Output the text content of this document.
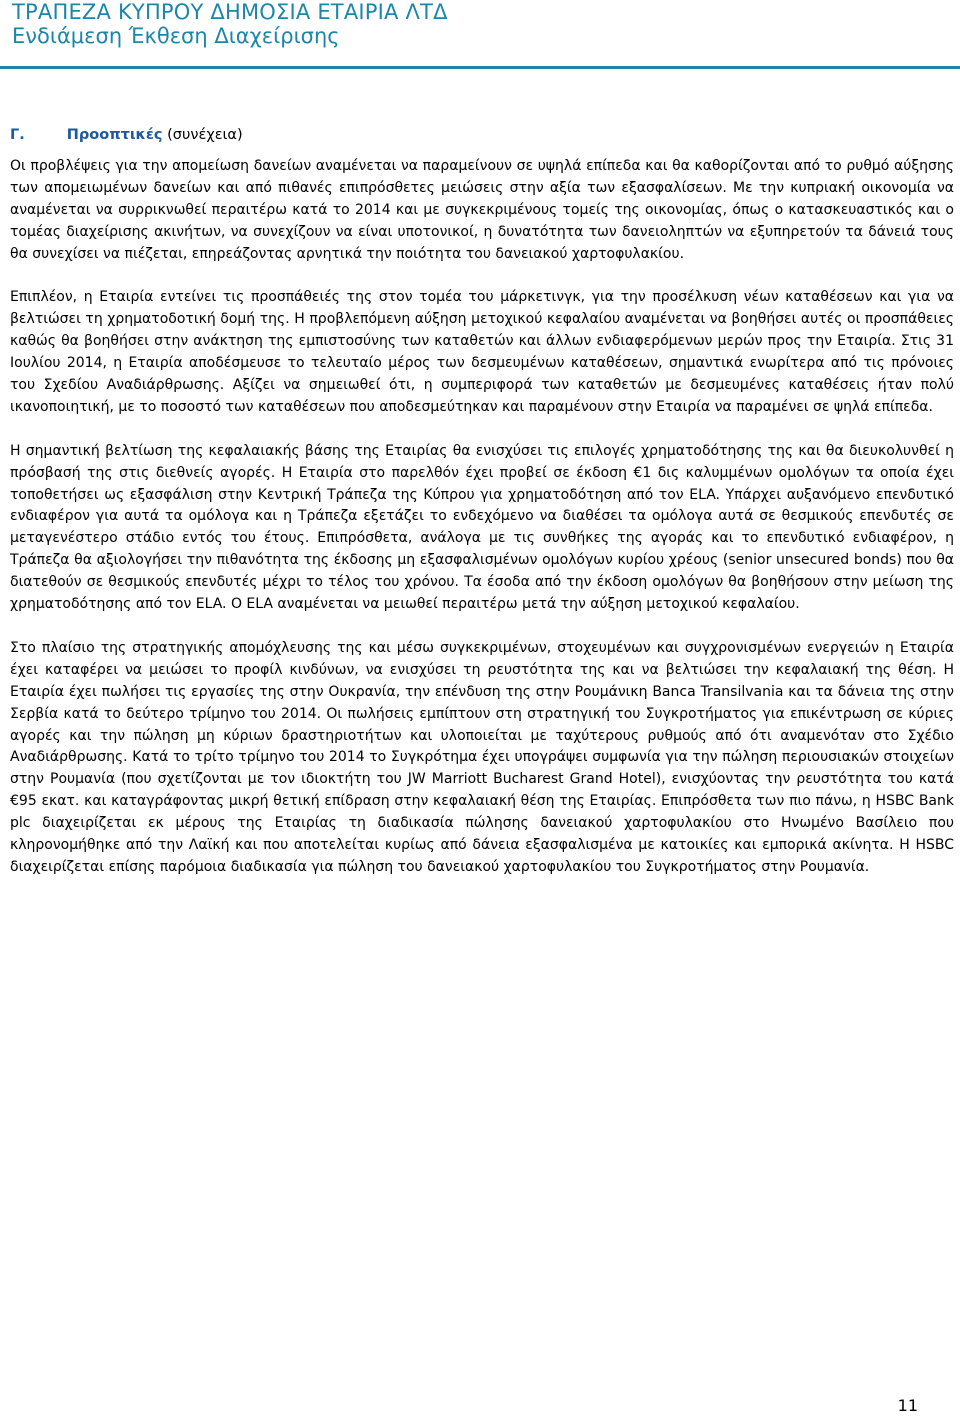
ΤΡΑΠΕΖΑ ΚΥΠΡΟΥ ΔΗΜΟΣΙΑ ΕΤΑΙΡΙΑ ΛΤΔ
Ενδιάμεση Έκθεση Διαχείρισης
Γ.	Προοπτικές (συνέχεια)

Οι προβλέψεις για την απομείωση δανείων αναμένεται να παραμείνουν σε υψηλά επίπεδα και θα καθορίζονται από το ρυθμό αύξησης των απομειωμένων δανείων και από πιθανές επιπρόσθετες μειώσεις στην αξία των εξασφαλίσεων. Με την κυπριακή οικονομία να αναμένεται να συρρικνωθεί περαιτέρω κατά το 2014 και με συγκεκριμένους τομείς της οικονομίας, όπως ο κατασκευαστικός και ο τομέας διαχείρισης ακινήτων, να συνεχίζουν να είναι υποτονικοί, η δυνατότητα των δανειοληπτών να εξυπηρετούν τα δάνειά τους θα συνεχίσει να πιέζεται, επηρεάζοντας αρνητικά την ποιότητα του δανειακού χαρτοφυλακίου.

Επιπλέον, η Εταιρία εντείνει τις προσπάθειές της στον τομέα του μάρκετινγκ, για την προσέλκυση νέων καταθέσεων και για να βελτιώσει τη χρηματοδοτική δομή της. Η προβλεπόμενη αύξηση μετοχικού κεφαλαίου αναμένεται να βοηθήσει αυτές οι προσπάθειες καθώς θα βοηθήσει στην ανάκτηση της εμπιστοσύνης των καταθετών και άλλων ενδιαφερόμενων μερών προς την Εταιρία. Στις 31 Ιουλίου 2014, η Εταιρία αποδέσμευσε το τελευταίο μέρος των δεσμευμένων καταθέσεων, σημαντικά ενωρίτερα από τις πρόνοιες του Σχεδίου Αναδιάρθρωσης. Αξίζει να σημειωθεί ότι, η συμπεριφορά των καταθετών με δεσμευμένες καταθέσεις ήταν πολύ ικανοποιητική, με το ποσοστό των καταθέσεων που αποδεσμεύτηκαν και παραμένουν στην Εταιρία να παραμένει σε ψηλά επίπεδα.

Η σημαντική βελτίωση της κεφαλαιακής βάσης της Εταιρίας θα ενισχύσει τις επιλογές χρηματοδότησης της και θα διευκολυνθεί η πρόσβασή της στις διεθνείς αγορές. Η Εταιρία στο παρελθόν έχει προβεί σε έκδοση €1 δις καλυμμένων ομολόγων τα οποία έχει τοποθετήσει ως εξασφάλιση στην Κεντρική Τράπεζα της Κύπρου για χρηματοδότηση από τον ELA. Υπάρχει αυξανόμενο επενδυτικό ενδιαφέρον για αυτά τα ομόλογα και η Τράπεζα εξετάζει το ενδεχόμενο να διαθέσει τα ομόλογα αυτά σε θεσμικούς επενδυτές σε μεταγενέστερο στάδιο εντός του έτους. Επιπρόσθετα, ανάλογα με τις συνθήκες της αγοράς και το επενδυτικό ενδιαφέρον, η Τράπεζα θα αξιολογήσει την πιθανότητα της έκδοσης μη εξασφαλισμένων ομολόγων κυρίου χρέους (senior unsecured bonds) που θα διατεθούν σε θεσμικούς επενδυτές μέχρι το τέλος του χρόνου. Τα έσοδα από την έκδοση ομολόγων θα βοηθήσουν στην μείωση της χρηματοδότησης από τον ELA. Ο ELA αναμένεται να μειωθεί περαιτέρω μετά την αύξηση μετοχικού κεφαλαίου.

Στο πλαίσιο της στρατηγικής απομόχλευσης της και μέσω συγκεκριμένων, στοχευμένων και συγχρονισμένων ενεργειών η Εταιρία έχει καταφέρει να μειώσει το προφίλ κινδύνων, να ενισχύσει τη ρευστότητα της και να βελτιώσει την κεφαλαιακή της θέση. Η Εταιρία έχει πωλήσει τις εργασίες της στην Ουκρανία, την επένδυση της στην Ρουμάνικη Banca Transilvania και τα δάνεια της στην Σερβία κατά το δεύτερο τρίμηνο του 2014. Οι πωλήσεις εμπίπτουν στη στρατηγική του Συγκροτήματος για επικέντρωση σε κύριες αγορές και την πώληση μη κύριων δραστηριοτήτων και υλοποιείται με ταχύτερους ρυθμούς από ότι αναμενόταν στο Σχέδιο Αναδιάρθρωσης. Κατά το τρίτο τρίμηνο του 2014 το Συγκρότημα έχει υπογράψει συμφωνία για την πώληση περιουσιακών στοιχείων στην Ρουμανία (που σχετίζονται με τον ιδιοκτήτη του JW Marriott Bucharest Grand Hotel), ενισχύοντας την ρευστότητα του κατά €95 εκατ. και καταγράφοντας μικρή θετική επίδραση στην κεφαλαιακή θέση της Εταιρίας. Επιπρόσθετα των πιο πάνω, η HSBC Bank plc διαχειρίζεται εκ μέρους της Εταιρίας τη διαδικασία πώλησης δανειακού χαρτοφυλακίου στο Ηνωμένο Βασίλειο που κληρονομήθηκε από την Λαϊκή και που αποτελείται κυρίως από δάνεια εξασφαλισμένα με κατοικίες και εμπορικά ακίνητα. Η HSBC διαχειρίζεται επίσης παρόμοια διαδικασία για πώληση του δανειακού χαρτοφυλακίου του Συγκροτήματος στην Ρουμανία.

11
